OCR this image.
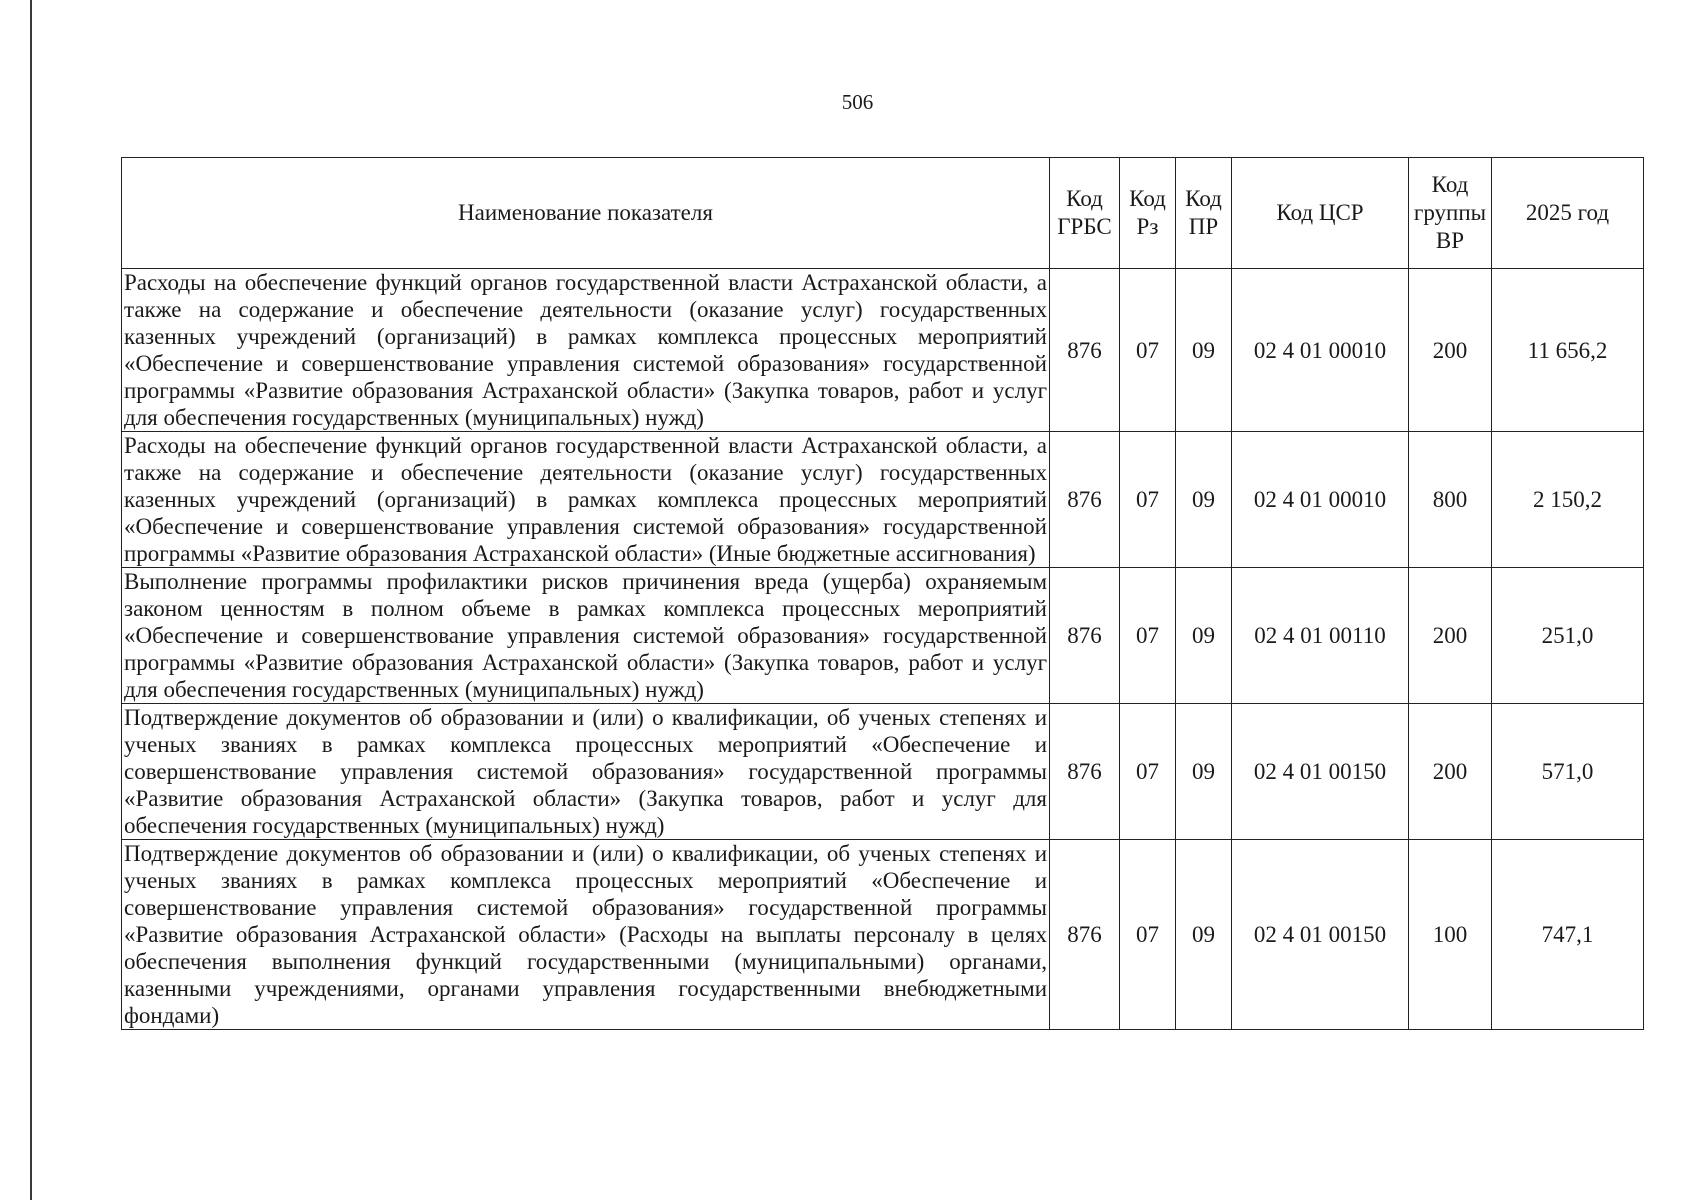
506
Наименование показателя	Код ГРБС	Код Рз	Код ПР	Код ЦСР	Код группы ВР	2025 год
Расходы на обеспечение функций органов государственной власти Астраханской области, а также на содержание и обеспечение деятельности (оказание услуг) государственных казенных учреждений (организаций) в рамках комплекса процессных мероприятий «Обеспечение и совершенствование управления системой образования» государственной программы «Развитие образования Астраханской области» (Закупка товаров, работ и услуг для обеспечения государственных (муниципальных) нужд)	876	07	09	02 4 01 00010	200	11 656,2
Расходы на обеспечение функций органов государственной власти Астраханской области, а также на содержание и обеспечение деятельности (оказание услуг) государственных казенных учреждений (организаций) в рамках комплекса процессных мероприятий «Обеспечение и совершенствование управления системой образования» государственной программы «Развитие образования Астраханской области» (Иные бюджетные ассигнования)	876	07	09	02 4 01 00010	800	2 150,2
Выполнение программы профилактики рисков причинения вреда (ущерба) охраняемым законом ценностям в полном объеме в рамках комплекса процессных мероприятий «Обеспечение и совершенствование управления системой образования» государственной программы «Развитие образования Астраханской области» (Закупка товаров, работ и услуг для обеспечения государственных (муниципальных) нужд)	876	07	09	02 4 01 00110	200	251,0
Подтверждение документов об образовании и (или) о квалификации, об ученых степенях и ученых званиях в рамках комплекса процессных мероприятий «Обеспечение и совершенствование управления системой образования» государственной программы «Развитие образования Астраханской области» (Закупка товаров, работ и услуг для обеспечения государственных (муниципальных) нужд)	876	07	09	02 4 01 00150	200	571,0
Подтверждение документов об образовании и (или) о квалификации, об ученых степенях и ученых званиях в рамках комплекса процессных мероприятий «Обеспечение и совершенствование управления системой образования» государственной программы «Развитие образования Астраханской области» (Расходы на выплаты персоналу в целях обеспечения выполнения функций государственными (муниципальными) органами, казенными учреждениями, органами управления государственными внебюджетными фондами)	876	07	09	02 4 01 00150	100	747,1
